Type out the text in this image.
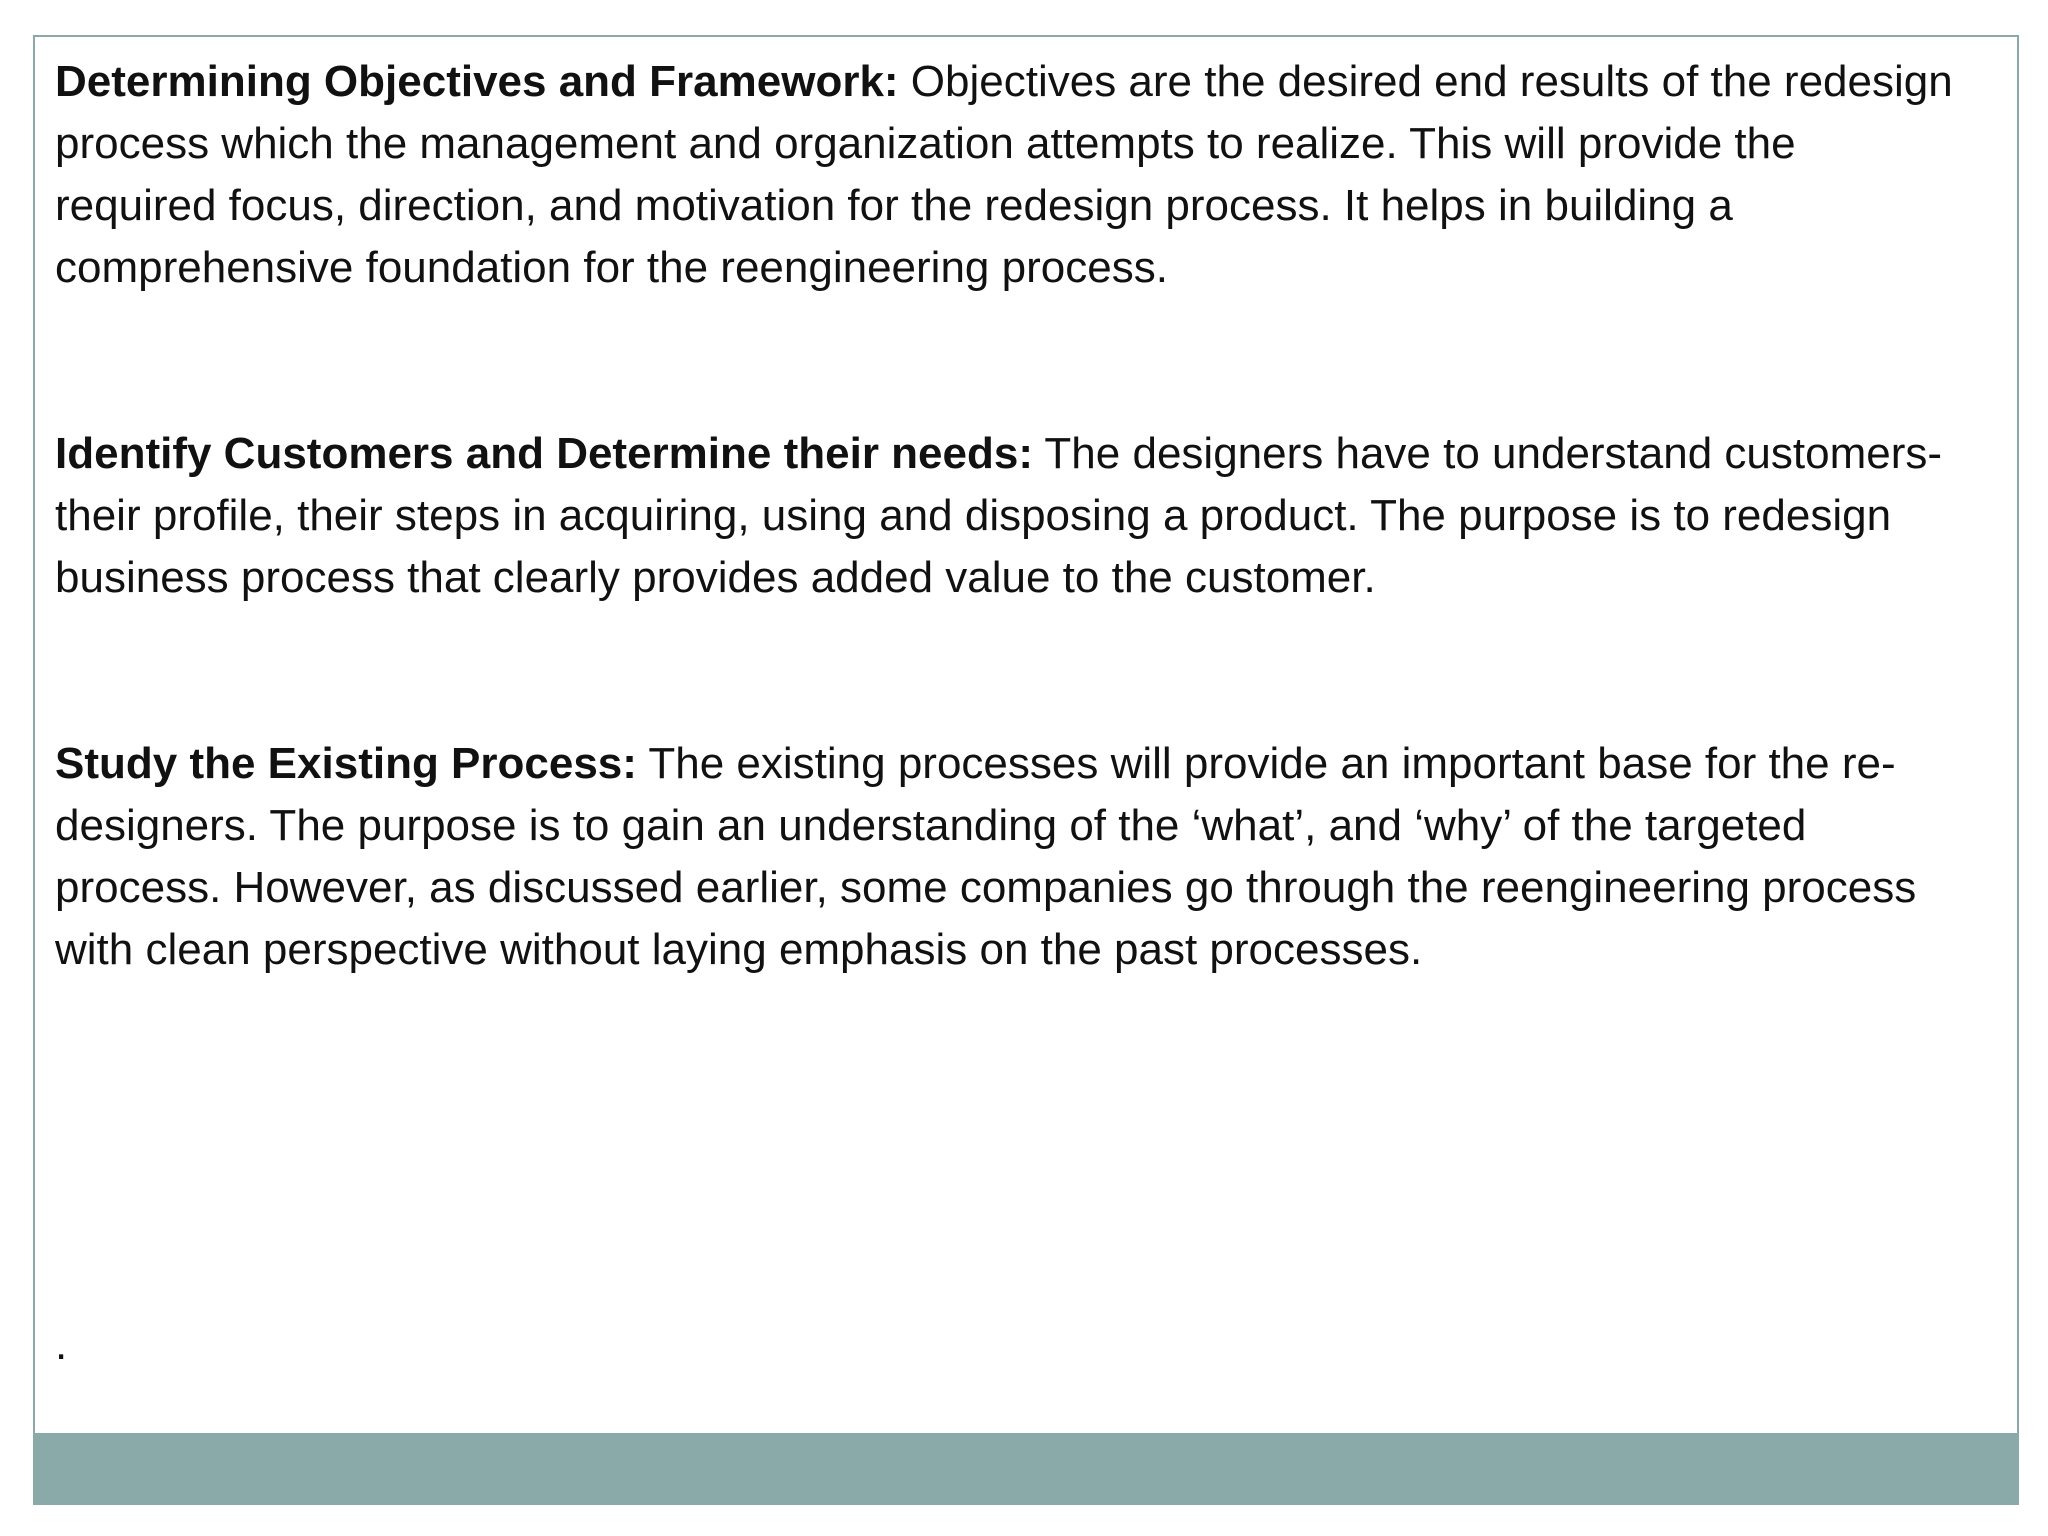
Determining Objectives and Framework: Objectives are the desired end results of the redesign process which the management and organization attempts to realize. This will provide the required focus, direction, and motivation for the redesign process. It helps in building a comprehensive foundation for the reengineering process.

Identify Customers and Determine their needs: The designers have to understand customers- their profile, their steps in acquiring, using and disposing a product. The purpose is to redesign business process that clearly provides added value to the customer.

Study the Existing Process: The existing processes will provide an important base for the re-designers. The purpose is to gain an understanding of the ‘what’, and ‘why’ of the targeted process. However, as discussed earlier, some companies go through the reengineering process with clean perspective without laying emphasis on the past processes.

.
